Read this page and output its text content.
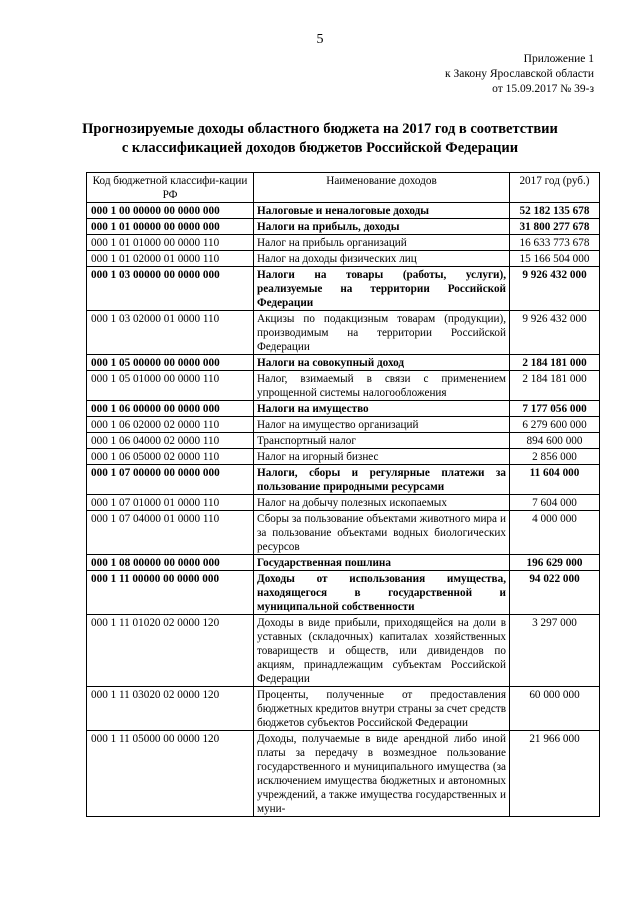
5
Приложение 1
к Закону Ярославской области
от 15.09.2017 № 39-з
Прогнозируемые доходы областного бюджета на 2017 год в соответствии
с классификацией доходов бюджетов Российской Федерации
Код бюджетной классифи-кации РФ	Наименование доходов	2017 год (руб.)
000 1 00 00000 00 0000 000	Налоговые и неналоговые доходы	52 182 135 678
000 1 01 00000 00 0000 000	Налоги на прибыль, доходы	31 800 277 678
000 1 01 01000 00 0000 110	Налог на прибыль организаций	16 633 773 678
000 1 01 02000 01 0000 110	Налог на доходы физических лиц	15 166 504 000
000 1 03 00000 00 0000 000	Налоги на товары (работы, услуги), реализуемые на территории Российской Федерации	9 926 432 000
000 1 03 02000 01 0000 110	Акцизы по подакцизным товарам (продукции), производимым на территории Российской Федерации	9 926 432 000
000 1 05 00000 00 0000 000	Налоги на совокупный доход	2 184 181 000
000 1 05 01000 00 0000 110	Налог, взимаемый в связи с применением упрощенной системы налогообложения	2 184 181 000
000 1 06 00000 00 0000 000	Налоги на имущество	7 177 056 000
000 1 06 02000 02 0000 110	Налог на имущество организаций	6 279 600 000
000 1 06 04000 02 0000 110	Транспортный налог	894 600 000
000 1 06 05000 02 0000 110	Налог на игорный бизнес	2 856 000
000 1 07 00000 00 0000 000	Налоги, сборы и регулярные платежи за пользование природными ресурсами	11 604 000
000 1 07 01000 01 0000 110	Налог на добычу полезных ископаемых	7 604 000
000 1 07 04000 01 0000 110	Сборы за пользование объектами животного мира и за пользование объектами водных биологических ресурсов	4 000 000
000 1 08 00000 00 0000 000	Государственная пошлина	196 629 000
000 1 11 00000 00 0000 000	Доходы от использования имущества, находящегося в государственной и муниципальной собственности	94 022 000
000 1 11 01020 02 0000 120	Доходы в виде прибыли, приходящейся на доли в уставных (складочных) капиталах хозяйственных товариществ и обществ, или дивидендов по акциям, принадлежащим субъектам Российской Федерации	3 297 000
000 1 11 03020 02 0000 120	Проценты, полученные от предоставления бюджетных кредитов внутри страны за счет средств бюджетов субъектов Российской Федерации	60 000 000
000 1 11 05000 00 0000 120	Доходы, получаемые в виде арендной либо иной платы за передачу в возмездное пользование государственного и муниципального имущества (за исключением имущества бюджетных и автономных учреждений, а также имущества государственных и муни-	21 966 000
